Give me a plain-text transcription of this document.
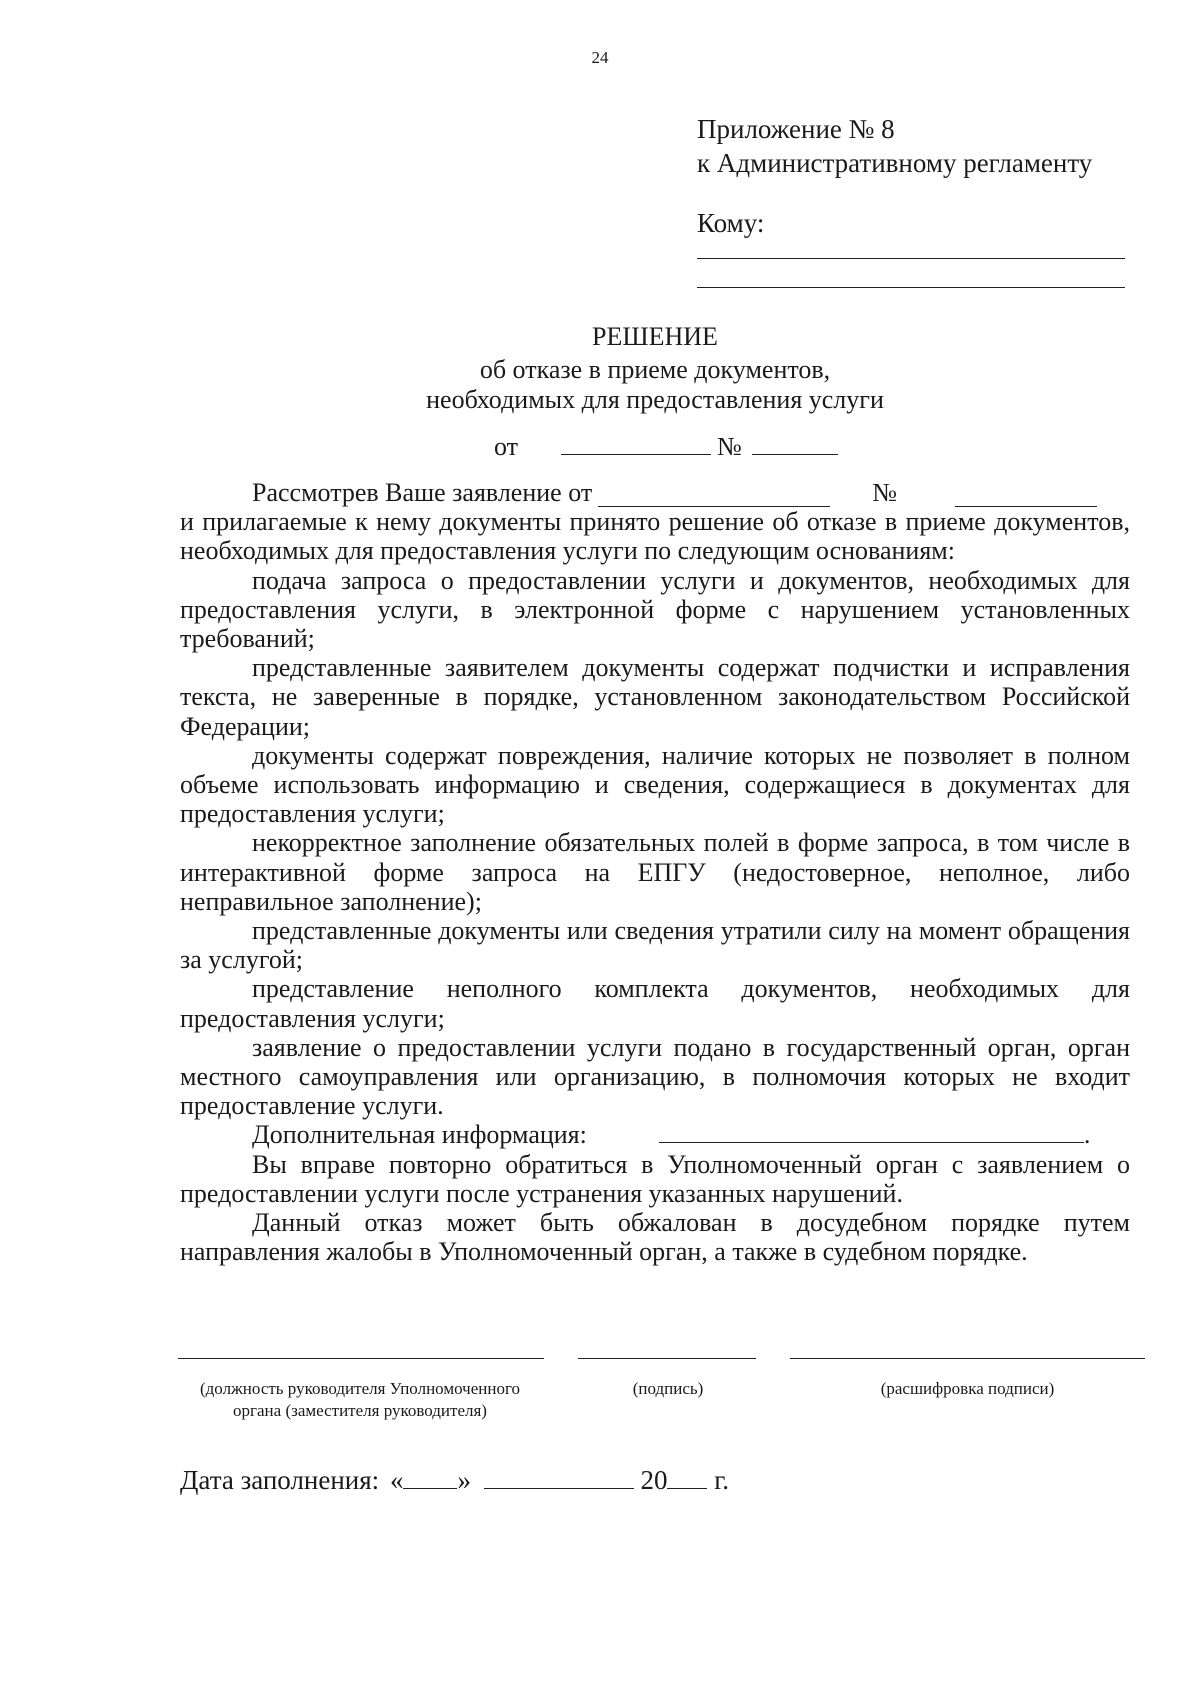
24
Приложение № 8
к Административному регламенту
Кому:
РЕШЕНИЕ
об отказе в приеме документов,
необходимых для предоставления услуги
от	№
Рассмотрев Ваше заявление от	№

и прилагаемые к нему документы принято решение об отказе в приеме документов, необходимых для предоставления услуги по следующим основаниям:

подача запроса о предоставлении услуги и документов, необходимых для предоставления услуги, в электронной форме с нарушением установленных требований;

представленные заявителем документы содержат подчистки и исправления текста, не заверенные в порядке, установленном законодательством Российской Федерации;

документы содержат повреждения, наличие которых не позволяет в полном объеме использовать информацию и сведения, содержащиеся в документах для предоставления услуги;

некорректное заполнение обязательных полей в форме запроса, в том числе в интерактивной форме запроса на ЕПГУ (недостоверное, неполное, либо неправильное заполнение);

представленные документы или сведения утратили силу на момент обращения за услугой;

представление неполного комплекта документов, необходимых для предоставления услуги;

заявление о предоставлении услуги подано в государственный орган, орган местного самоуправления или организацию, в полномочия которых не входит предоставление услуги.

Дополнительная информация:	.

Вы вправе повторно обратиться в Уполномоченный орган с заявлением о предоставлении услуги после устранения указанных нарушений.

Данный отказ может быть обжалован в досудебном порядке путем направления жалобы в Уполномоченный орган, а также в судебном порядке.

(должность руководителя Уполномоченного органа (заместителя руководителя)
(подпись)	(расшифровка подписи)
Дата заполнения: « »	20 г.
